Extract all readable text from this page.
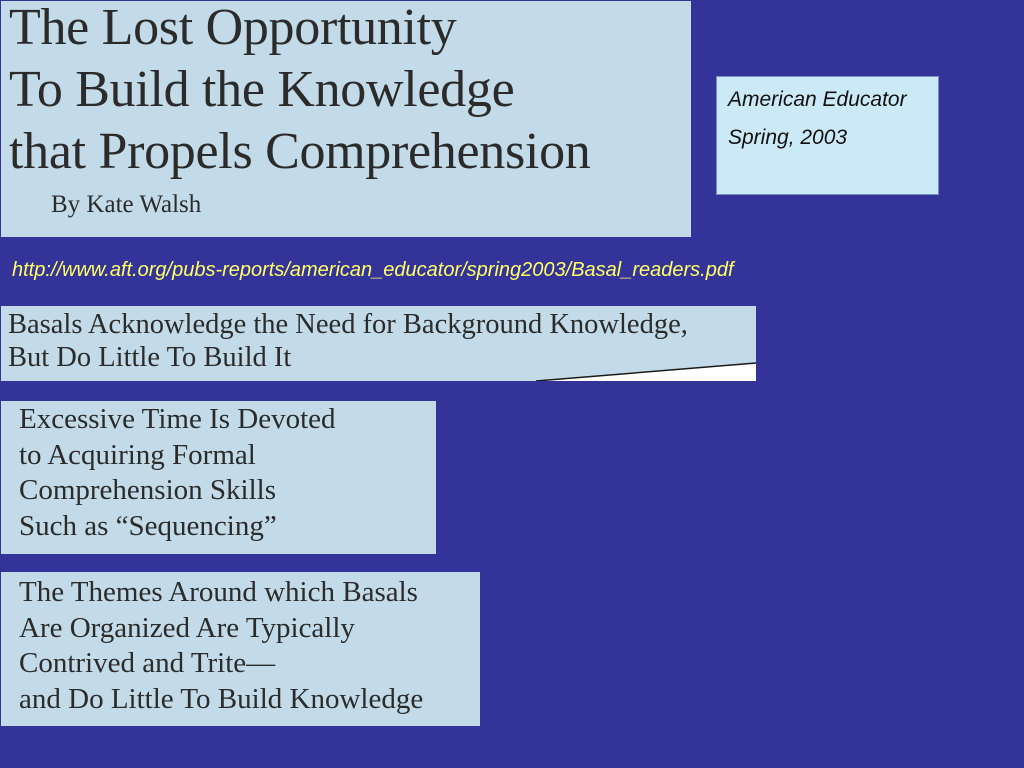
The Lost Opportunity
To Build the Knowledge
that Propels Comprehension
By Kate Walsh
American Educator
Spring, 2003
http://www.aft.org/pubs-reports/american_educator/spring2003/Basal_readers.pdf
Basals Acknowledge the Need for Background Knowledge,
But Do Little To Build It
Excessive Time Is Devoted
to Acquiring Formal
Comprehension Skills
Such as “Sequencing”
The Themes Around which Basals
Are Organized Are Typically
Contrived and Trite—
and Do Little To Build Knowledge
